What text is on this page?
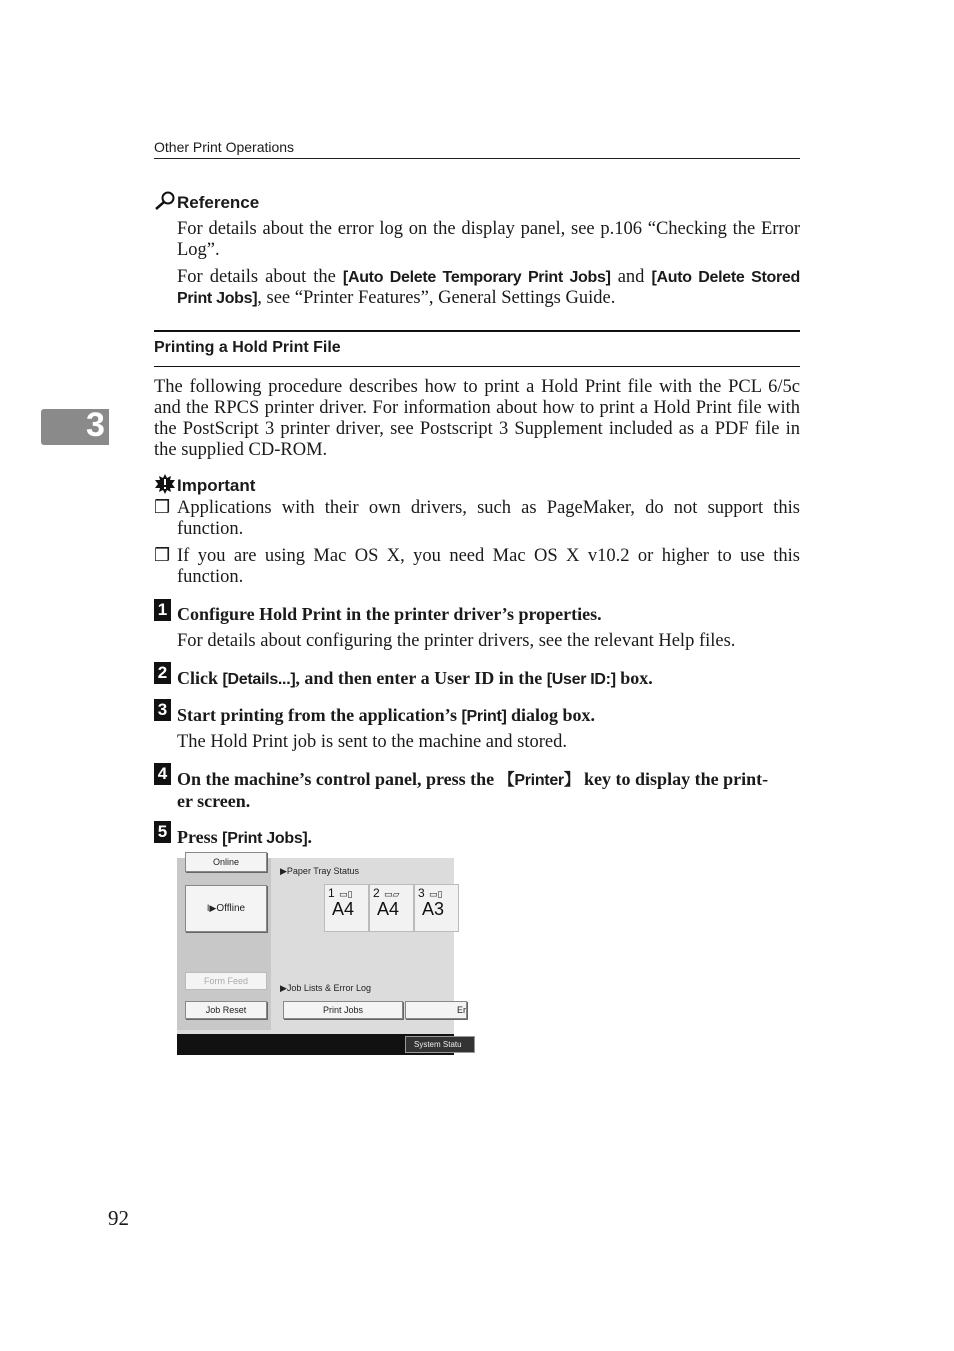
Other Print Operations
Reference
For details about the error log on the display panel, see p.106 “Checking the Error Log”.
For details about the [Auto Delete Temporary Print Jobs] and [Auto Delete Stored Print Jobs], see “Printer Features”, General Settings Guide.
Printing a Hold Print File
The following procedure describes how to print a Hold Print file with the PCL 6/5c and the RPCS printer driver. For information about how to print a Hold Print file with the PostScript 3 printer driver, see Postscript 3 Supplement included as a PDF file in the supplied CD-ROM.
3
Important
❒ Applications with their own drivers, such as PageMaker, do not support this function.
❒ If you are using Mac OS X, you need Mac OS X v10.2 or higher to use this function.
1 Configure Hold Print in the printer driver’s properties.
For details about configuring the printer drivers, see the relevant Help files.
2 Click [Details...], and then enter a User ID in the [User ID:] box.
3 Start printing from the application’s [Print] dialog box.
The Hold Print job is sent to the machine and stored.
4 On the machine’s control panel, press the 【Printer】 key to display the print-
er screen.
5 Press [Print Jobs].
Online
I▶Offline
Form Feed
Job Reset
▶Paper Tray Status
1 ▭▯
A4
2 ▭▱
A4
3 ▭▯
A3
▶Job Lists & Error Log
Print Jobs	Er
System Statu
92
